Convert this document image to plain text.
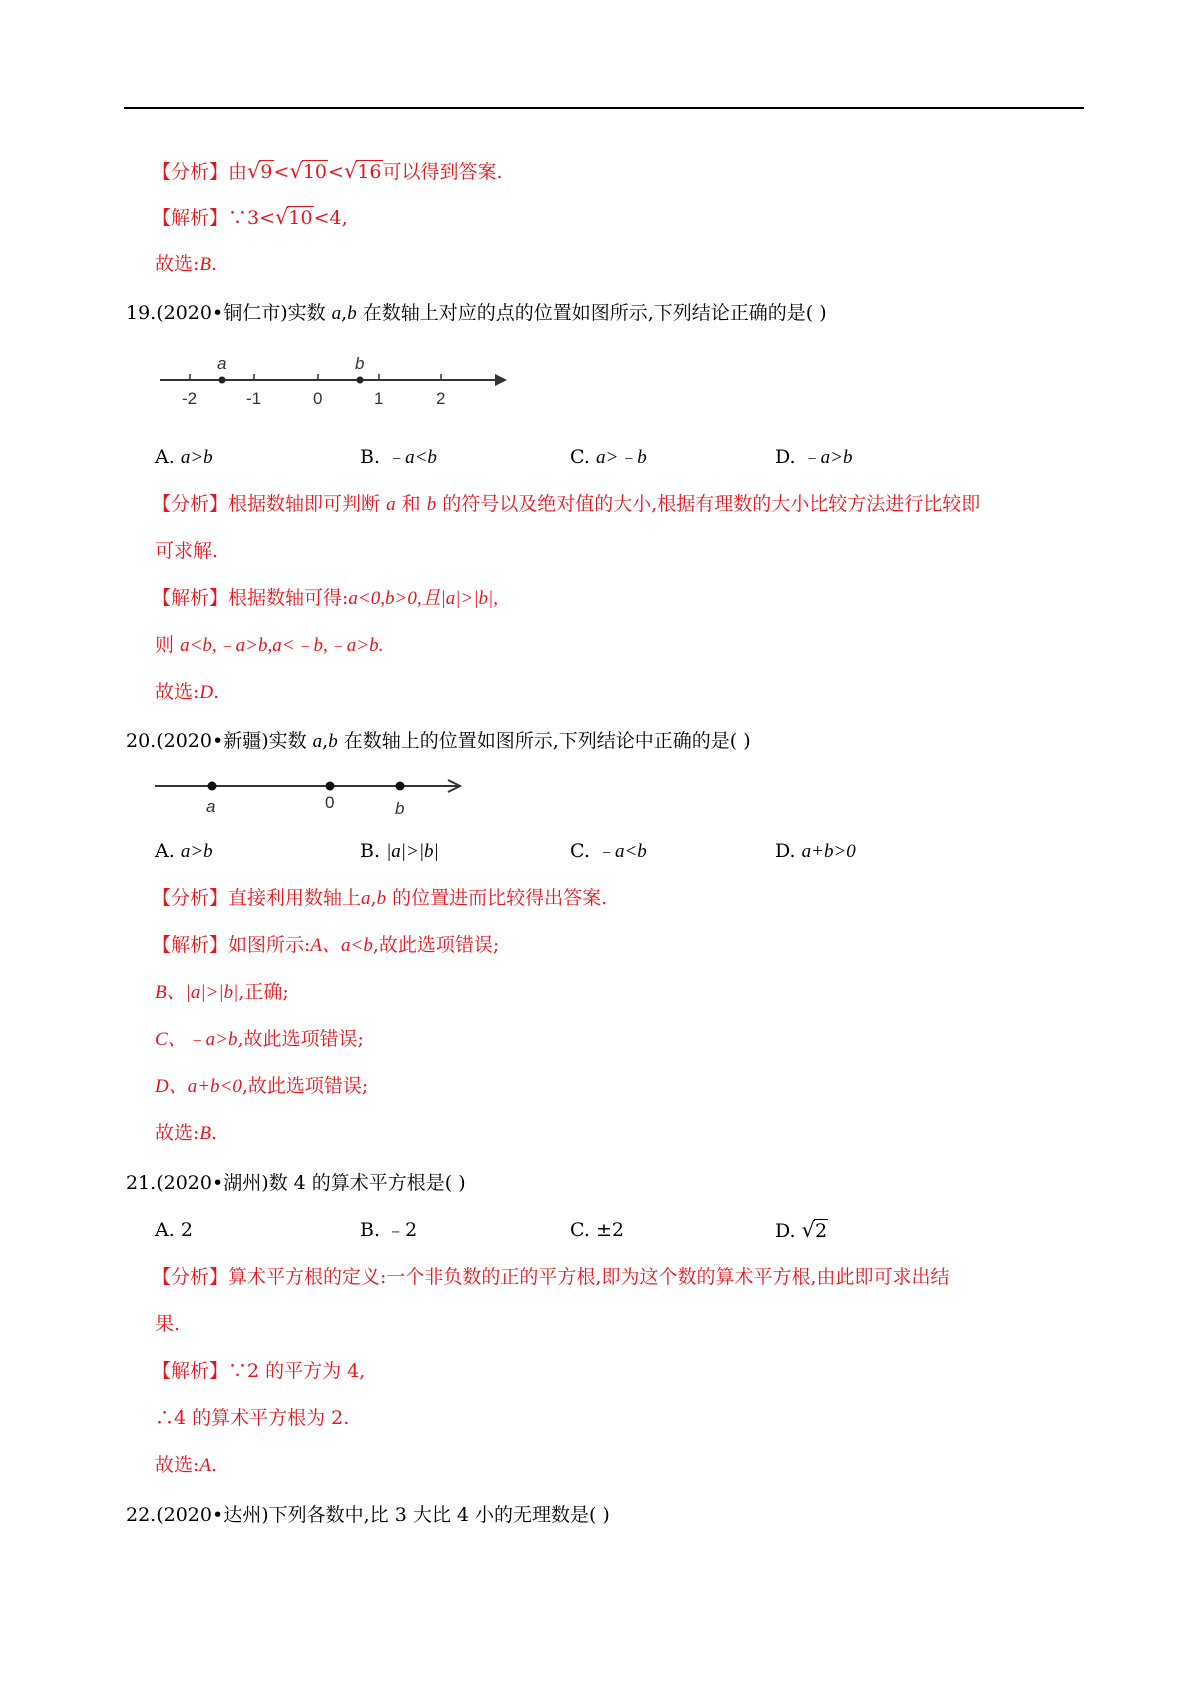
【分析】由√9<√10<√16可以得到答案.
【解析】∵3<√10<4,
故选:B.
19.(2020•铜仁市)实数 a,b 在数轴上对应的点的位置如图所示,下列结论正确的是( )
a	b
-2	-1	0	1	2
A. a>b	B. ﹣a<b	C. a>﹣b	D. ﹣a>b
【分析】根据数轴即可判断 a 和 b 的符号以及绝对值的大小,根据有理数的大小比较方法进行比较即
可求解.
【解析】根据数轴可得:a<0,b>0,且|a|>|b|,
则 a<b,﹣a>b,a<﹣b,﹣a>b.
故选:D.
20.(2020•新疆)实数 a,b 在数轴上的位置如图所示,下列结论中正确的是( )
a	0	b
A. a>b	B. |a|>|b|	C. ﹣a<b	D. a+b>0
【分析】直接利用数轴上a,b 的位置进而比较得出答案.
【解析】如图所示:A、a<b,故此选项错误;
B、|a|>|b|,正确;
C、﹣a>b,故此选项错误;
D、a+b<0,故此选项错误;
故选:B.
21.(2020•湖州)数 4 的算术平方根是( )
A. 2	B. ﹣2	C. ±2	D. √2
【分析】算术平方根的定义:一个非负数的正的平方根,即为这个数的算术平方根,由此即可求出结
果.
【解析】∵2 的平方为 4,
∴4 的算术平方根为 2.
故选:A.
22.(2020•达州)下列各数中,比 3 大比 4 小的无理数是( )
